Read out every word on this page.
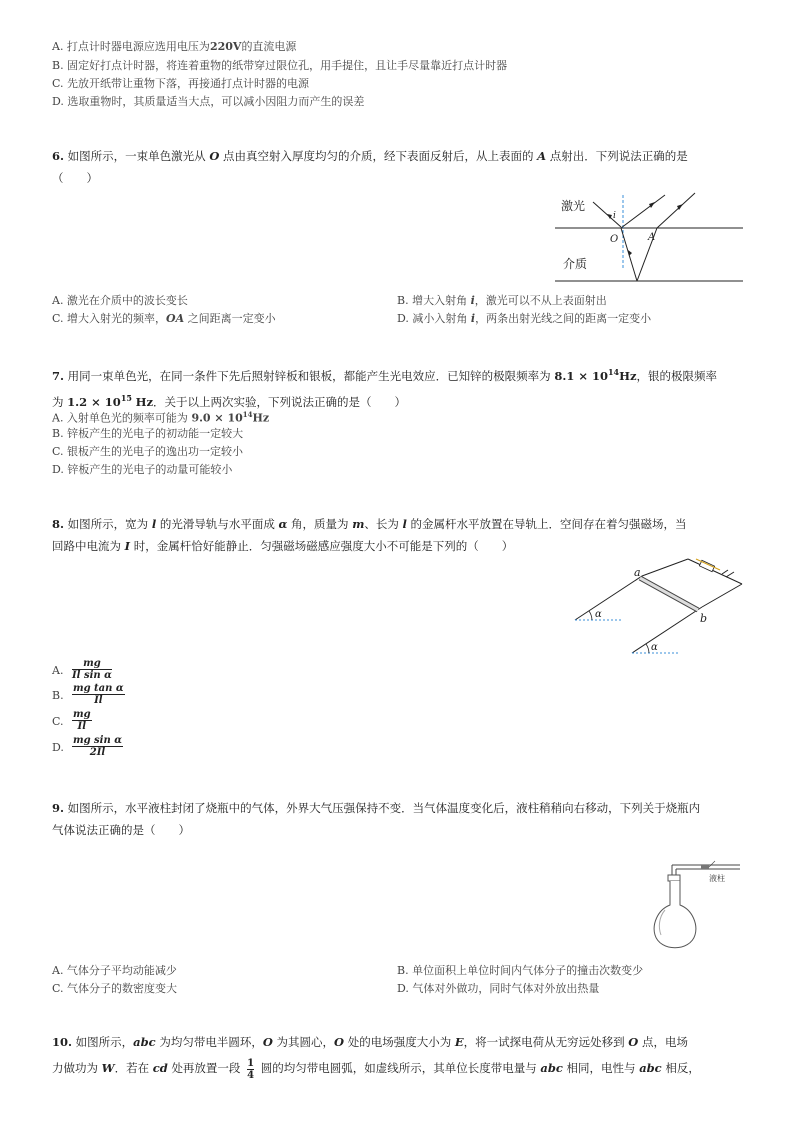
A. 打点计时器电源应选用电压为220V的直流电源
B. 固定好打点计时器，将连着重物的纸带穿过限位孔，用手提住，且让手尽量靠近打点计时器
C. 先放开纸带让重物下落，再接通打点计时器的电源
D. 选取重物时，其质量适当大点，可以减小因阻力而产生的误差
6. 如图所示，一束单色激光从 O 点由真空射入厚度均匀的介质，经下表面反射后，从上表面的 A 点射出．下列说法正确的是
（　　）
激光
i
O	A
介质
A. 激光在介质中的波长变长	B. 增大入射角 i，激光可以不从上表面射出
C. 增大入射光的频率，OA 之间距离一定变小	D. 减小入射角 i，两条出射光线之间的距离一定变小
7. 用同一束单色光，在同一条件下先后照射锌板和银板，都能产生光电效应．已知锌的极限频率为 $8.1 \times 10^{14}Hz$，银的极限频率
为 $1.2 \times 10^{15}$ Hz．关于以上两次实验，下列说法正确的是（　　）
A. 入射单色光的频率可能为 $9.0 \times 10^{14}Hz$
B. 锌板产生的光电子的初动能一定较大
C. 银板产生的光电子的逸出功一定较小
D. 锌板产生的光电子的动量可能较小
8. 如图所示，宽为 l 的光滑导轨与水平面成 α 角，质量为 m、长为 l 的金属杆水平放置在导轨上．空间存在着匀强磁场，当
回路中电流为 I 时，金属杆恰好能静止．匀强磁场磁感应强度大小不可能是下列的（　　）
α
α
a
b
A. $\frac{mg}{\text{Il sin α}}$
B. $\frac{\text{mg tan α}}{Il}$
C. $\frac{mg}{Il}$
D. $\frac{\text{mg sin α}}{2Il}$
9. 如图所示，水平液柱封闭了烧瓶中的气体，外界大气压强保持不变．当气体温度变化后，液柱稍稍向右移动，下列关于烧瓶内
气体说法正确的是（　　）
液柱
A. 气体分子平均动能减少	B. 单位面积上单位时间内气体分子的撞击次数变少
C. 气体分子的数密度变大	D. 气体对外做功，同时气体对外放出热量
10. 如图所示，abc 为均匀带电半圆环，O 为其圆心，O 处的电场强度大小为 E，将一试探电荷从无穷远处移到 O 点，电场
力做功为 W．若在 cd 处再放置一段 $\frac{1}{4}$ 圆的均匀带电圆弧，如虚线所示，其单位长度带电量与 abc 相同，电性与 abc 相反，
